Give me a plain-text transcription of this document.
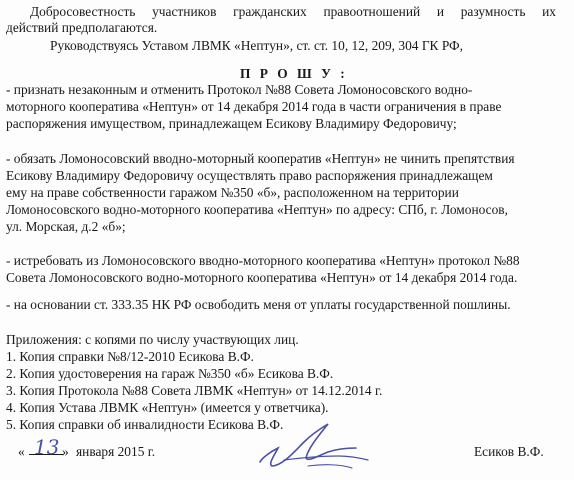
Добросовестность участников гражданских правоотношений и разумность их
действий предполагаются.
Руководствуясь Уставом ЛВМК «Нептун», ст. ст. 10, 12, 209, 304 ГК РФ,
П Р О Ш У :
- признать незаконным и отменить Протокол №88 Совета Ломоносовского водно-
моторного кооператива «Нептун» от 14 декабря 2014 года в части ограничения в праве
распоряжения имуществом, принадлежащем Есикову Владимиру Федоровичу;
- обязать Ломоносовский вводно-моторный кооператив «Нептун» не чинить препятствия
Есикову Владимиру Федоровичу осуществлять право распоряжения принадлежащем
ему на праве собственности гаражом №350 «б», расположенном на территории
Ломоносовского водно-моторного кооператива «Нептун» по адресу: СПб, г. Ломоносов,
ул. Морская, д.2 «б»;
- истребовать из Ломоносовского вводно-моторного кооператива «Нептун» протокол №88
Совета Ломоносовского водно-моторного кооператива «Нептун» от 14 декабря 2014 года.
- на основании ст. 333.35 НК РФ освободить меня от уплаты государственной пошлины.
Приложения: с копями по числу участвующих лиц.
1. Копия справки №8/12-2010 Есикова В.Ф.
2. Копия удостоверения на гараж №350 «б» Есикова В.Ф.
3. Копия Протокола №88 Совета ЛВМК «Нептун» от 14.12.2014 г.
4. Копия Устава ЛВМК «Нептун» (имеется у ответчика).
5. Копия справки об инвалидности Есикова В.Ф.
« 13 » января 2015 г.	Есиков В.Ф.
